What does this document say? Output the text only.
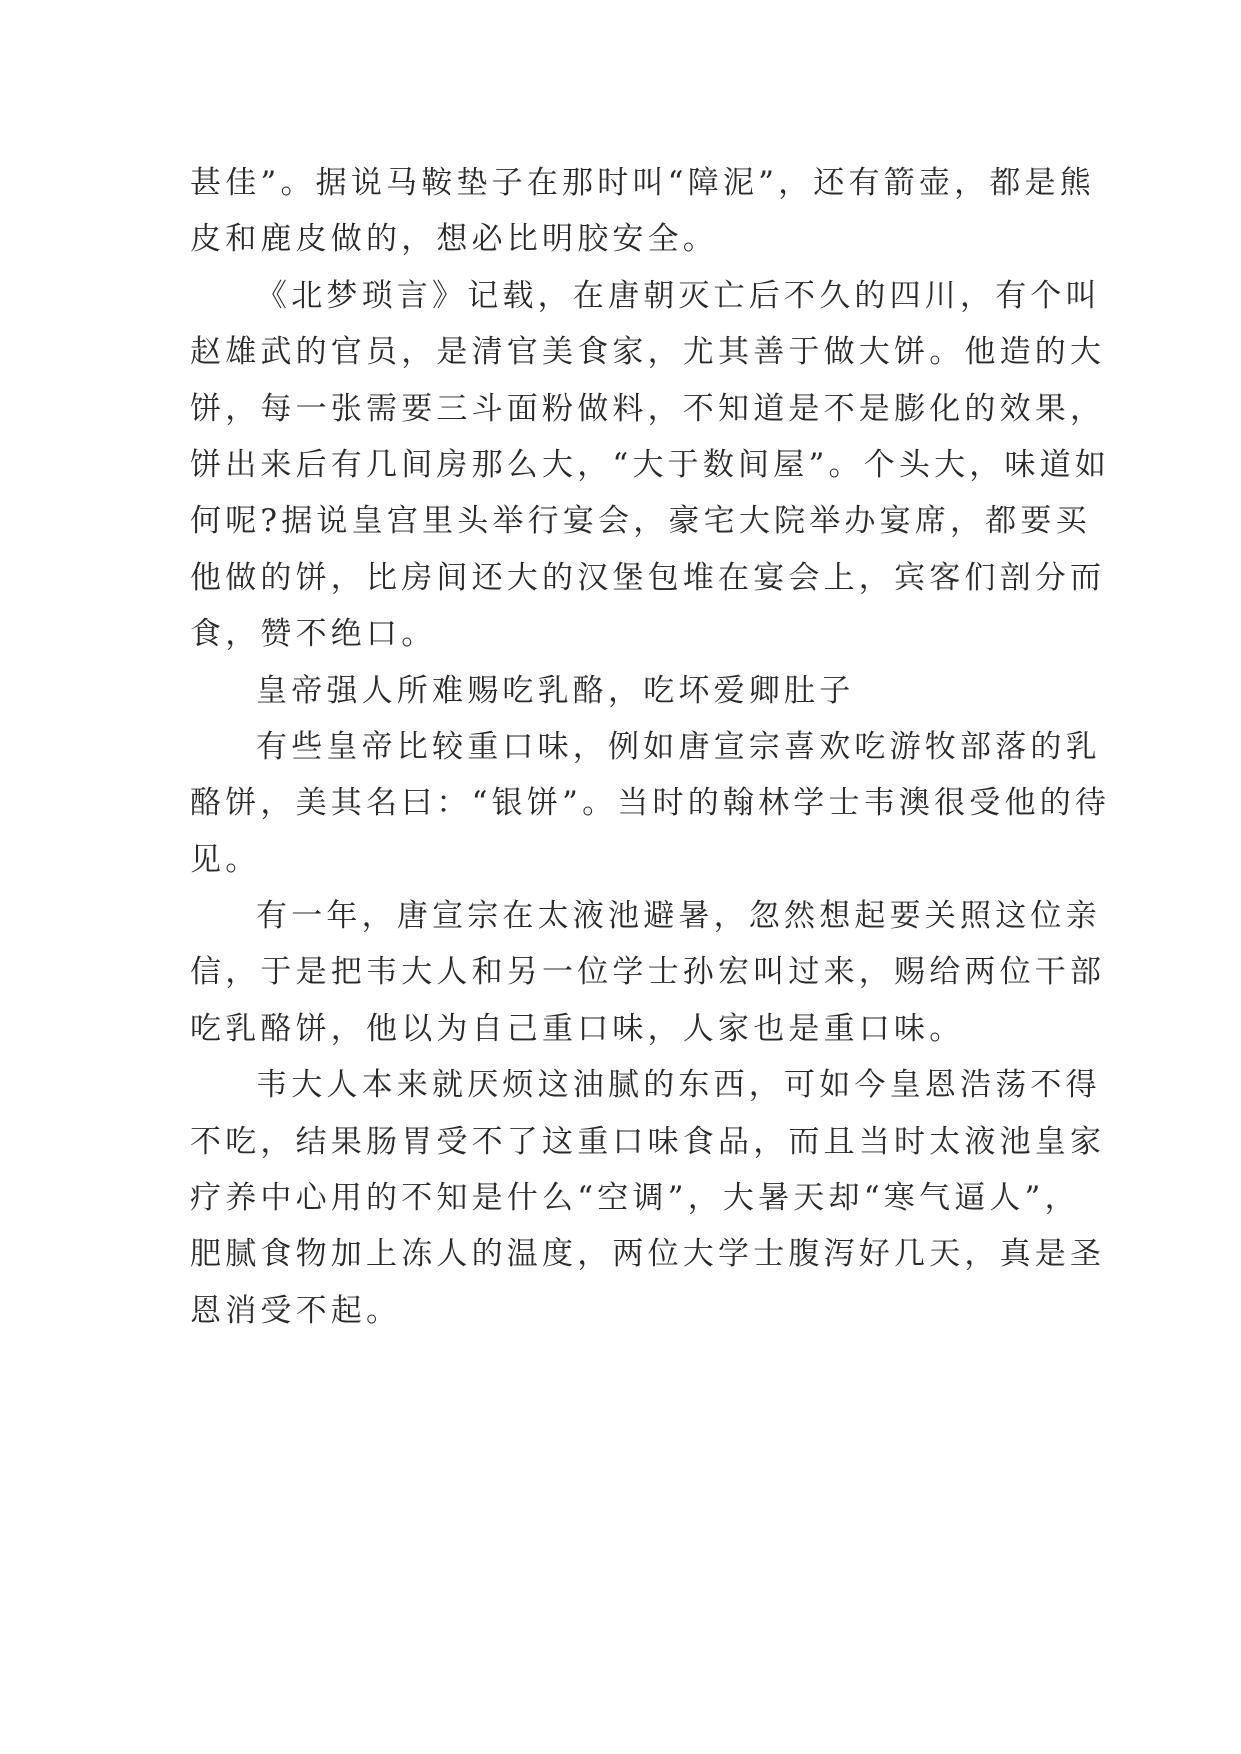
甚佳”。据说马鞍垫子在那时叫“障泥”，还有箭壶，都是熊
皮和鹿皮做的，想必比明胶安全。
《北梦琐言》记载，在唐朝灭亡后不久的四川，有个叫
赵雄武的官员，是清官美食家，尤其善于做大饼。他造的大
饼，每一张需要三斗面粉做料，不知道是不是膨化的效果，
饼出来后有几间房那么大，“大于数间屋”。个头大，味道如
何呢?据说皇宫里头举行宴会，豪宅大院举办宴席，都要买
他做的饼，比房间还大的汉堡包堆在宴会上，宾客们剖分而
食，赞不绝口。
皇帝强人所难赐吃乳酪，吃坏爱卿肚子
有些皇帝比较重口味，例如唐宣宗喜欢吃游牧部落的乳
酪饼，美其名曰：“银饼”。当时的翰林学士韦澳很受他的待
见。
有一年，唐宣宗在太液池避暑，忽然想起要关照这位亲
信，于是把韦大人和另一位学士孙宏叫过来，赐给两位干部
吃乳酪饼，他以为自己重口味，人家也是重口味。
韦大人本来就厌烦这油腻的东西，可如今皇恩浩荡不得
不吃，结果肠胃受不了这重口味食品，而且当时太液池皇家
疗养中心用的不知是什么“空调”，大暑天却“寒气逼人”，
肥腻食物加上冻人的温度，两位大学士腹泻好几天，真是圣
恩消受不起。
